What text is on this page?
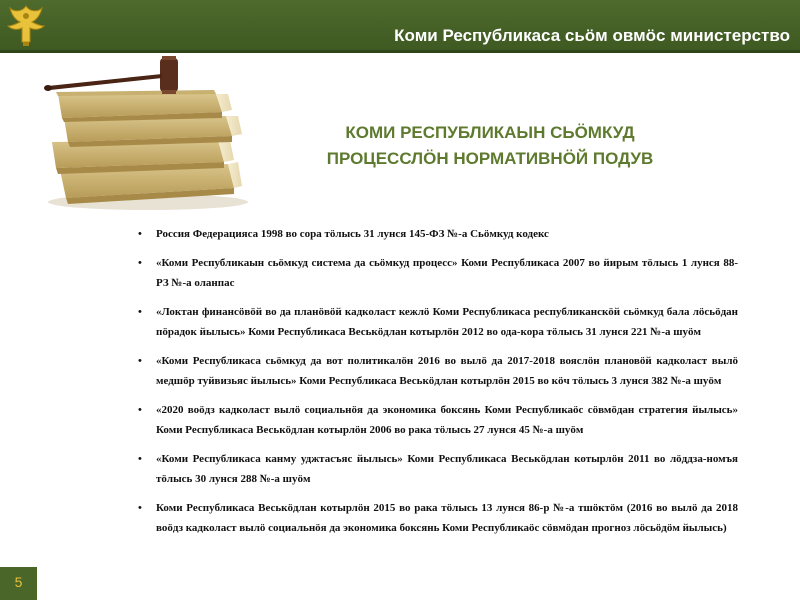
Коми Республикаса сьӧм овмӧс министерство
5
КОМИ РЕСПУБЛИКАЫН СЬӦМКУД
ПРОЦЕССЛӦН НОРМАТИВНӦЙ ПОДУВ
• Россия Федерацияса 1998 во сора тӧлысь 31 лунся 145-ФЗ №-а Сьӧмкуд кодекс
• «Коми Республикаын сьӧмкуд система да сьӧмкуд процесс» Коми Республикаса 2007 во йирым тӧлысь 1 лунся 88-РЗ №-а оланпас
• «Локтан финансӧвӧй во да планӧвӧй кадколаст кежлӧ Коми Республикаса республиканскӧй сьӧмкуд бала лӧсьӧдан пӧрадок йылысь» Коми Республикаса Веськӧдлан котырлӧн 2012 во ода-кора тӧлысь 31 лунся 221 №-а шуӧм
• «Коми Республикаса сьӧмкуд да вот политикалӧн 2016 во вылӧ да 2017-2018 вояслӧн плановӧй кадколаст вылӧ медшӧр туйвизьяс йылысь» Коми Республикаса Веськӧдлан котырлӧн 2015 во кӧч тӧлысь 3 лунся 382 №-а шуӧм
• «2020 воӧдз кадколаст вылӧ социальнӧя да экономика боксянь Коми Республикаӧс сӧвмӧдан стратегия йылысь» Коми Республикаса Веськӧдлан котырлӧн 2006 во рака тӧлысь 27 лунся 45 №-а шуӧм
• «Коми Республикаса канму уджтасъяс йылысь» Коми Республикаса Веськӧдлан котырлӧн 2011 во лӧддза-номъя тӧлысь 30 лунся 288 №-а шуӧм
• Коми Республикаса Веськӧдлан котырлӧн 2015 во рака тӧлысь 13 лунся 86-р №-а тшӧктӧм (2016 во вылӧ да 2018 воӧдз кадколаст вылӧ социальнӧя да экономика боксянь Коми Республикаӧс сӧвмӧдан прогноз лӧсьӧдӧм йылысь)
